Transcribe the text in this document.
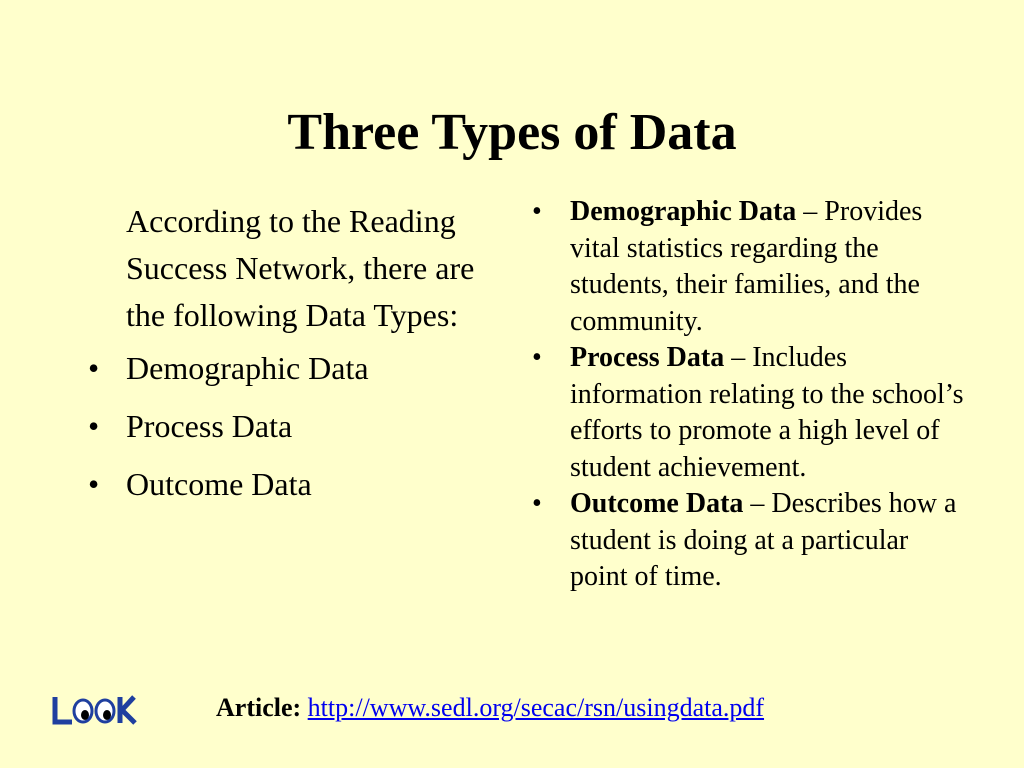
Three Types of Data

According to the Reading Success Network, there are the following Data Types:

• Demographic Data
• Process Data
• Outcome Data
• Demographic Data – Provides vital statistics regarding the students, their families, and the community.
• Process Data – Includes information relating to the school’s efforts to promote a high level of student achievement.
• Outcome Data – Describes how a student is doing at a particular point of time.
Article: http://www.sedl.org/secac/rsn/usingdata.pdf
